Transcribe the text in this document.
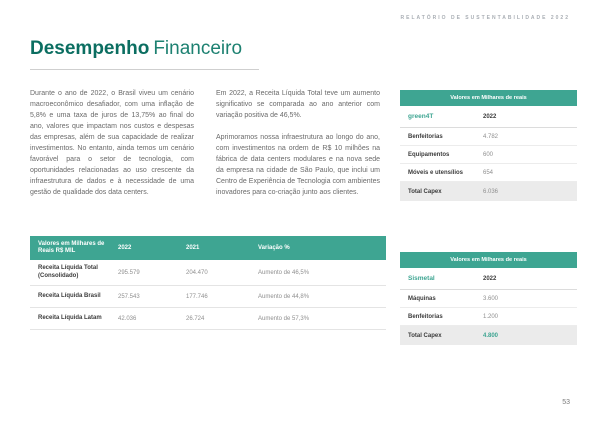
RELATÓRIO DE SUSTENTABILIDADE 2022
Desempenho Financeiro

Durante o ano de 2022, o Brasil viveu um cenário macroeconômico desafiador, com uma inflação de 5,8% e uma taxa de juros de 13,75% ao final do ano, valores que impactam nos custos e despesas das empresas, além de sua capacidade de realizar investimentos. No entanto, ainda temos um cenário favorável para o setor de tecnologia, com oportunidades relacionadas ao uso crescente da infraestrutura de dados e à necessidade de uma gestão de qualidade dos data centers.

Em 2022, a Receita Líquida Total teve um aumento significativo se comparada ao ano anterior com variação positiva de 46,5%.

Aprimoramos nossa infraestrutura ao longo do ano, com investimentos na ordem de R$ 10 milhões na fábrica de data centers modulares e na nova sede da empresa na cidade de São Paulo, que inclui um Centro de Experiência de Tecnologia com ambientes inovadores para co-criação junto aos clientes.

Valores em Milhares de Reais R$ MIL	2022	2021	Variação %
Receita Líquida Total (Consolidado)	295.579	204.470	Aumento de 46,5%
Receita Líquida Brasil	257.543	177.746	Aumento de 44,8%
Receita Líquida Latam	42.036	26.724	Aumento de 57,3%
Valores em Milhares de reais
green4T	2022
Benfeitorias	4.782
Equipamentos	600
Móveis e utensílios	654
Total Capex	6.036
Valores em Milhares de reais
Sismetal	2022
Máquinas	3.600
Benfeitorias	1.200
Total Capex	4.800
53
